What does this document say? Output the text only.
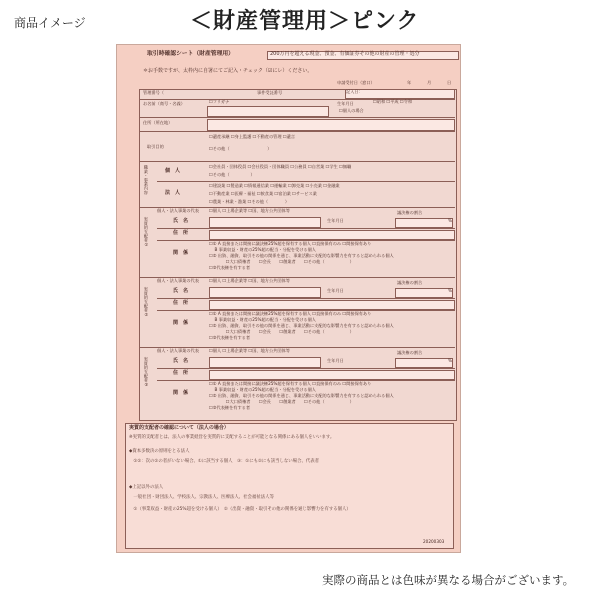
商品イメージ	＜財産管理用＞ピンク
取引時確認シート（財産管理用）	200万円を超える現金、預金、有価証券その他の財産の管理・処分
＊お手数ですが、太枠内に自署にてご記入・チェック（☑にレ）ください。
申請受付日（窓口）	年	月	日
管理番号（	事件受託番号	記入日：
お名前（商号・名義）	☐フリガナ	生年月日	☐昭和 ☐平成 ☐令和
☐個人の場合
住所（所在地）
取引目的
☐遺産承継 ☐身上監護 ☐不動産の管理 ☐遺言
☐その他（　　　　　　　　　）
職業・事業内容	個　人
☐会社員・団体役員 ☐会社役員・団体職員 ☐公務員 ☐自営業 ☐学生 ☐無職
☐その他（　　　　　）
法　人
☐建設業 ☐製造業 ☐情報通信業 ☐運輸業 ☐卸売業 ☐小売業 ☐金融業
☐不動産業 ☐医療・福祉 ☐飲食業 ☐宿泊業 ☐サービス業
☐農業・林業・漁業 ☐その他（　　　　）
実質的支配者①
個人・法人事業の代表 ☐個人 ☐上場企業等 ☐国、地方公共団体等
氏　名	生年月日
議決権の割合
%
住　所
関　係
☐① A 直接または間接に議決権25%超を保有する個人 ☐直接保有のみ ☐間接保有あり
　 B 事業収益・財産の25%超の配当・分配を受ける個人
☐② 出資、融資、取引その他の関係を通じ、事業活動に支配的な影響力を有すると認められる個人
　　　　☐大口債権者　　☐会長　　☐創業者　　☐その他（　　　　　　）
☐③代表権を有する者
実質的支配者②
個人・法人事業の代表 ☐個人 ☐上場企業等 ☐国、地方公共団体等
氏　名	生年月日
議決権の割合
%
住　所
関　係
☐① A 直接または間接に議決権25%超を保有する個人 ☐直接保有のみ ☐間接保有あり
　 B 事業収益・財産の25%超の配当・分配を受ける個人
☐② 出資、融資、取引その他の関係を通じ、事業活動に支配的な影響力を有すると認められる個人
　　　　☐大口債権者　　☐会長　　☐創業者　　☐その他（　　　　　　）
☐③代表権を有する者
実質的支配者③
個人・法人事業の代表 ☐個人 ☐上場企業等 ☐国、地方公共団体等
氏　名	生年月日
議決権の割合
%
住　所
関　係
☐① A 直接または間接に議決権25%超を保有する個人 ☐直接保有のみ ☐間接保有あり
　 B 事業収益・財産の25%超の配当・分配を受ける個人
☐② 出資、融資、取引その他の関係を通じ、事業活動に支配的な影響力を有すると認められる個人
　　　　☐大口債権者　　☐会長　　☐創業者　　☐その他（　　　　　　）
☐③代表権を有する者
実質的支配者の確認について（法人の場合）
※実質的支配者とは、法人の事業経営を実質的に支配することが可能となる関係にある個人をいいます。
◆資本多数決の原則をとる法人
　①②：次の②の者がいない場合、①に該当する個人　③：①にも②にも該当しない場合、代表者
◆上記以外の法人
　一般社団・財団法人、学校法人、宗教法人、医療法人、社会福祉法人等
　①（事業収益・財産の25%超を受ける個人）　②（出資・融資・取引その他の関係を通じ影響力を有する個人）
20200303
実際の商品とは色味が異なる場合がございます。
